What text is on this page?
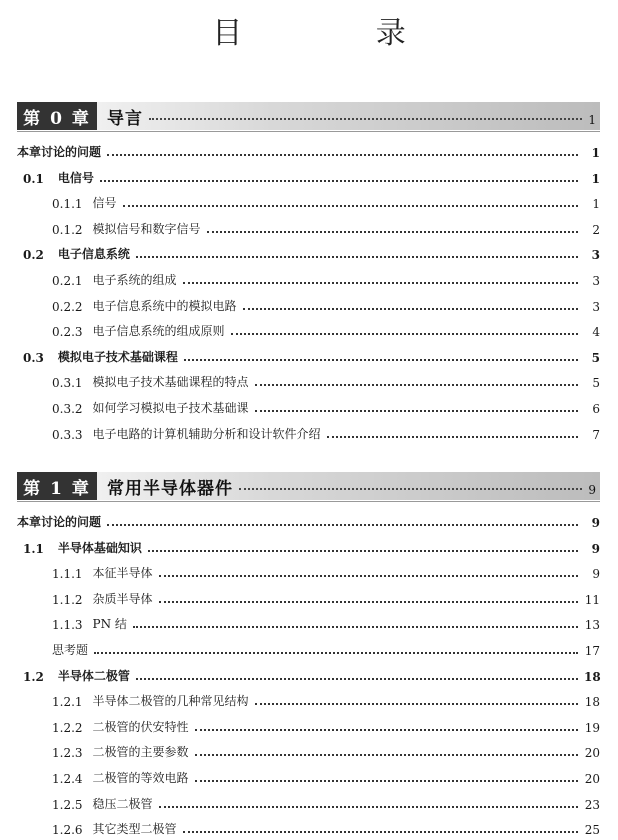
目 录
第 0 章 导言	1
本章讨论的问题	1
0.1 电信号	1
0.1.1 信号	1
0.1.2 模拟信号和数字信号	2
0.2 电子信息系统	3
0.2.1 电子系统的组成	3
0.2.2 电子信息系统中的模拟电路	3
0.2.3 电子信息系统的组成原则	4
0.3 模拟电子技术基础课程	5
0.3.1 模拟电子技术基础课程的特点	5
0.3.2 如何学习模拟电子技术基础课	6
0.3.3 电子电路的计算机辅助分析和设计软件介绍	7
第 1 章 常用半导体器件	9
本章讨论的问题	9
1.1 半导体基础知识	9
1.1.1 本征半导体	9
1.1.2 杂质半导体	11
1.1.3 PN 结	13
思考题	17
1.2 半导体二极管	18
1.2.1 半导体二极管的几种常见结构	18
1.2.2 二极管的伏安特性	19
1.2.3 二极管的主要参数	20
1.2.4 二极管的等效电路	20
1.2.5 稳压二极管	23
1.2.6 其它类型二极管	25
